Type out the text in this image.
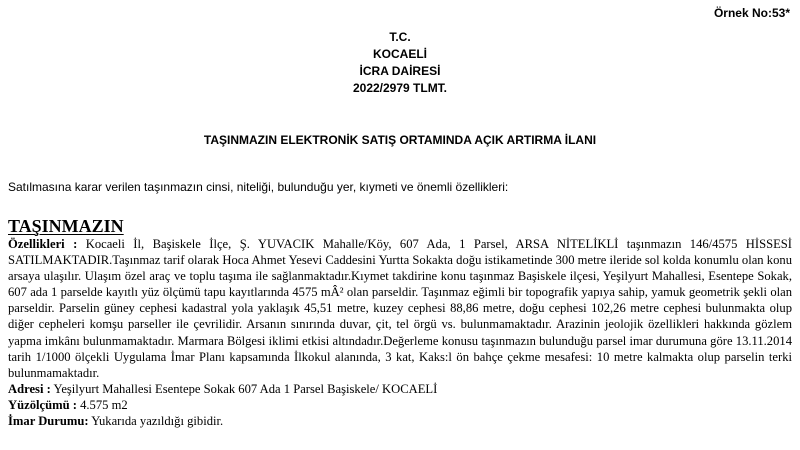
Örnek No:53*
T.C.
KOCAELİ
İCRA DAİRESİ
2022/2979 TLMT.
TAŞINMAZIN ELEKTRONİK SATIŞ ORTAMINDA AÇIK ARTIRMA İLANI
Satılmasına karar verilen taşınmazın cinsi, niteliği, bulunduğu yer, kıymeti ve önemli özellikleri:
TAŞINMAZIN

Özellikleri : Kocaeli İl, Başiskele İlçe, Ş. YUVACIK Mahalle/Köy, 607 Ada, 1 Parsel, ARSA NİTELİKLİ taşınmazın 146/4575 HİSSESİ SATILMAKTADIR.Taşınmaz tarif olarak Hoca Ahmet Yesevi Caddesini Yurtta Sokakta doğu istikametinde 300 metre ileride sol kolda konumlu olan konu arsaya ulaşılır. Ulaşım özel araç ve toplu taşıma ile sağlanmaktadır.Kıymet takdirine konu taşınmaz Başiskele ilçesi, Yeşilyurt Mahallesi, Esentepe Sokak, 607 ada 1 parselde kayıtlı yüz ölçümü tapu kayıtlarında 4575 mÂ² olan parseldir. Taşınmaz eğimli bir topografik yapıya sahip, yamuk geometrik şekli olan parseldir. Parselin güney cephesi kadastral yola yaklaşık 45,51 metre, kuzey cephesi 88,86 metre, doğu cephesi 102,26 metre cephesi bulunmakta olup diğer cepheleri komşu parseller ile çevrilidir. Arsanın sınırında duvar, çit, tel örgü vs. bulunmamaktadır. Arazinin jeolojik özellikleri hakkında gözlem yapma imkânı bulunmamaktadır. Marmara Bölgesi iklimi etkisi altındadır.Değerleme konusu taşınmazın bulunduğu parsel imar durumuna göre 13.11.2014 tarih 1/1000 ölçekli Uygulama İmar Planı kapsamında İlkokul alanında, 3 kat, Kaks:l ön bahçe çekme mesafesi: 10 metre kalmakta olup parselin terki bulunmamaktadır.

Adresi : Yeşilyurt Mahallesi Esentepe Sokak 607 Ada 1 Parsel Başiskele/ KOCAELİ

Yüzölçümü : 4.575 m2

İmar Durumu: Yukarıda yazıldığı gibidir.
